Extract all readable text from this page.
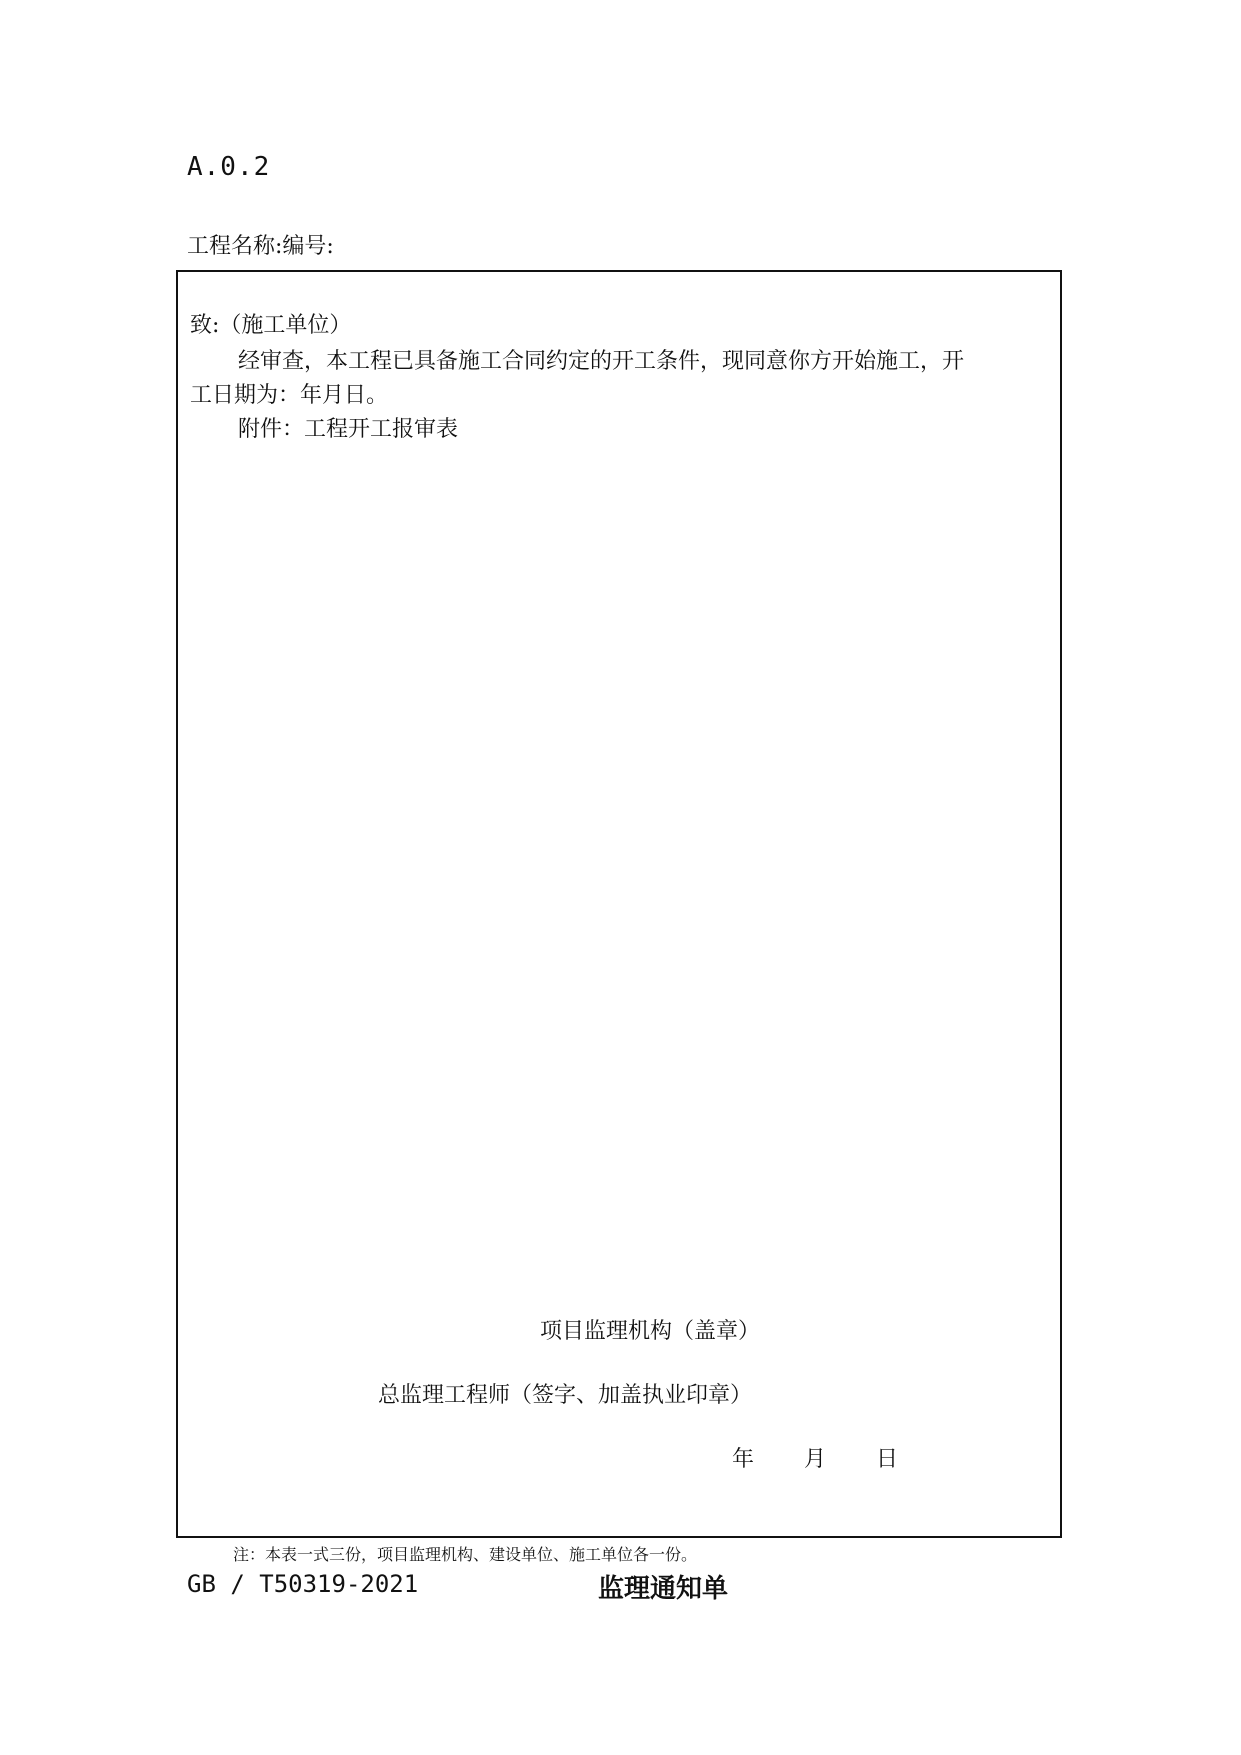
A.0.2
工程名称: 编号:
致:（施工单位）
经审查，本工程已具备施工合同约定的开工条件，现同意你方开始施工，开
工日期为：年月日。
附件：工程开工报审表
项目监理机构（盖章）
总监理工程师（签字、加盖执业印章）
年 月 日
注：本表一式三份，项目监理机构、建设单位、施工单位各一份。
GB / T50319-2021	监理通知单
